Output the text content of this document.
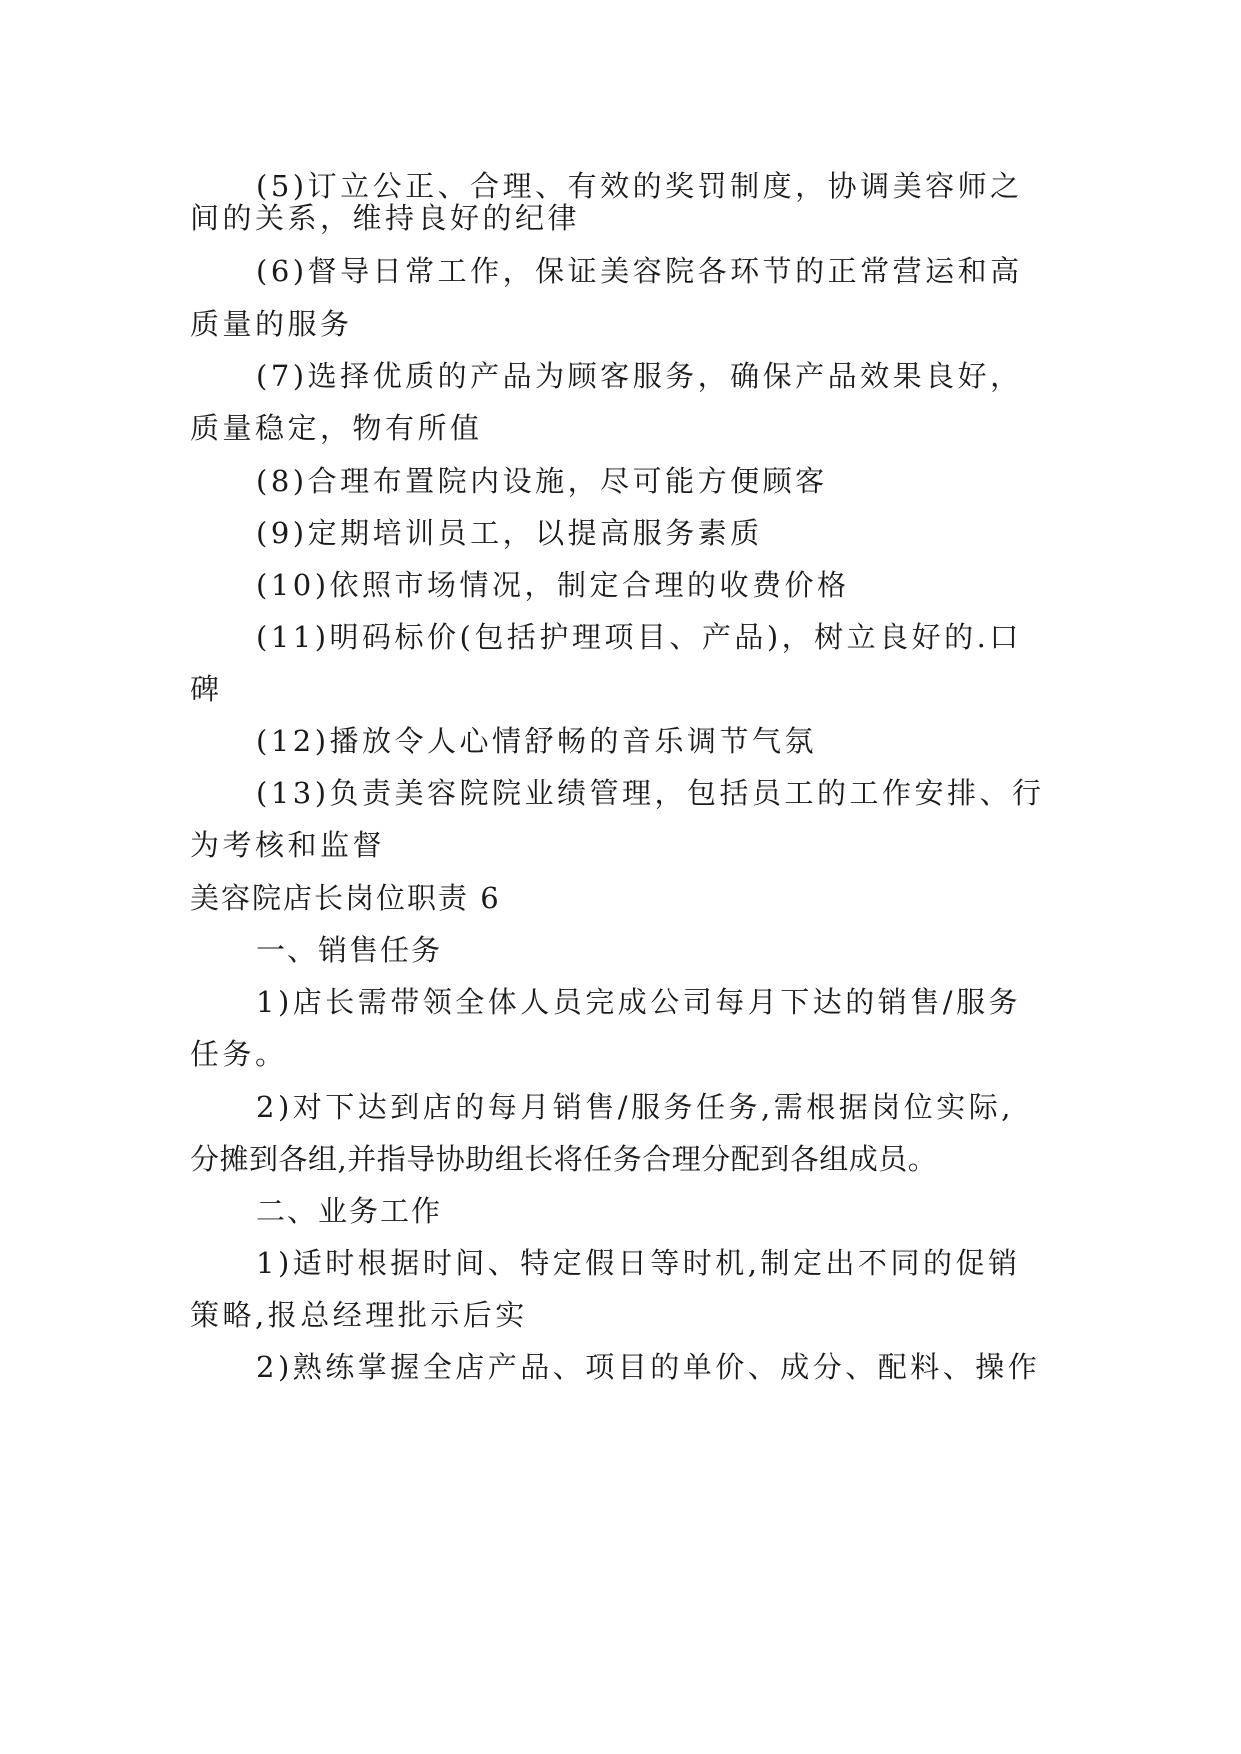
(5)订立公正、合理、有效的奖罚制度，协调美容师之
间的关系，维持良好的纪律
(6)督导日常工作，保证美容院各环节的正常营运和高
质量的服务
(7)选择优质的产品为顾客服务，确保产品效果良好，
质量稳定，物有所值
(8)合理布置院内设施，尽可能方便顾客
(9)定期培训员工，以提高服务素质
(10)依照市场情况，制定合理的收费价格
(11)明码标价(包括护理项目、产品)，树立良好的.口
碑
(12)播放令人心情舒畅的音乐调节气氛
(13)负责美容院院业绩管理，包括员工的工作安排、行
为考核和监督
美容院店长岗位职责 6
一、销售任务
1)店长需带领全体人员完成公司每月下达的销售/服务
任务。
2)对下达到店的每月销售/服务任务,需根据岗位实际,
分摊到各组,并指导协助组长将任务合理分配到各组成员。
二、业务工作
1)适时根据时间、特定假日等时机,制定出不同的促销
策略,报总经理批示后实
2)熟练掌握全店产品、项目的单价、成分、配料、操作
